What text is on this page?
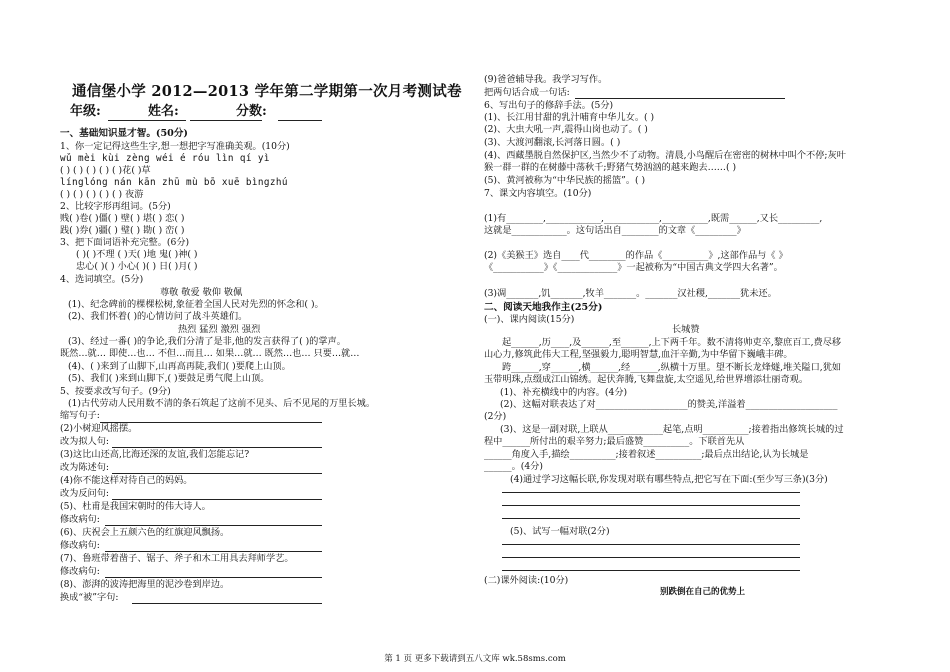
通信堡小学 2012—2013 学年第二学期第一次月考测试卷
年级:	姓名:	分数:
一、基础知识显才智。(50分)
1、你一定记得这些生字,想一想把字写准确美观。(10分)
wǔ mèi kùi zèng wéi é róu lìn qí yì
( ) ( ) ( ) ( ) ( )花( )草
línglóng nán kān zhū mù bō xuē bìngzhú
( ) ( ) ( ) ( ) ( ) 夜游
2、比较字形再组词。(5分)
贱( )卷( )僵( ) 壁( ) 堪( ) 恋( )
践( )券( )疆( ) 璧( ) 勘( ) 峦( )
3、把下面词语补充完整。(6分)
( )( )不理 ( )天( )地 鬼( )神( )
忠心( )( ) 小心( )( ) 日( )月( )
4、选词填空。(5分)
尊敬 敬爱 敬仰 敬佩
(1)、纪念碑前的棵棵松树,象征着全国人民对先烈的怀念和( )。
(2)、我们怀着( )的心情访问了战斗英雄们。
热烈 猛烈 激烈 强烈
(3)、经过一番( )的争论,我们分清了是非,他的发言获得了( )的掌声。
既然…就… 即使…也… 不但…而且… 如果…就… 既然…也… 只要…就…
(4)、( )来到了山脚下,山再高再陡,我们( )要爬上山顶。
(5)、我们( )来到山脚下,( )要鼓足勇气爬上山顶。
5、按要求改写句子。(9分)
(1)古代劳动人民用数不清的条石筑起了这前不见头、后不见尾的万里长城。
缩写句子:
(2)小树迎风摇摆。
改为拟人句:
(3)这比山还高,比海还深的友谊,我们怎能忘记?
改为陈述句:
(4)你不能这样对待自己的妈妈。
改为反问句:
(5)、杜甫是我国宋朝时的伟大诗人。
修改病句:
(6)、庆祝会上五颜六色的红旗迎风飘扬。
修改病句:
(7)、鲁班带着凿子、锯子、斧子和木工用具去拜师学艺。
修改病句:
(8)、澎湃的波涛把海里的泥沙卷到岸边。
换成“被”字句:
(9)爸爸辅导我。我学习写作。
把两句话合成一句话:
6、写出句子的修辞手法。(5分)
(1)、长江用甘甜的乳汁哺育中华儿女。( )
(2)、大虫大吼一声,震得山岗也动了。( )
(3)、大渡河翻滚,长河落日圆。( )
(4)、西藏墨脱自然保护区,当然少不了动物。清晨,小鸟醒后在密密的树林中叫个不停;灰叶
猴一群一群的在树藤中荡秋千;野猪气势汹汹的越来跑去……( )
(5)、黄河被称为“中华民族的摇篮”。( )
7、课文内容填空。(10分)
(1)有________,____________,____________,__________,既需______,又长_________,
这就是____________。这句话出自________的文章《_________》
(2)《美猴王》选自____代________的作品《__________》,这部作品与《 》
《___________》《_____________》一起被称为“中国古典文学四大名著”。
(3)凋_______,饥_______,牧羊_______。_______汉社稷,_______犹未还。
二、阅读天地我作主(25分)
(一)、课内阅读(15分)
长城赞
起______,历____,及______,至______,上下两千年。数不清将帅吏卒,黎庶百工,费尽移
山心力,修筑此伟大工程,坚强毅力,聪明智慧,血汗辛勤,为中华留下巍峨丰碑。
跨______,穿______,横______,经______,纵横十万里。望不断长龙烽燧,堆关隘口,犹如
玉带明珠,点缀成江山锦绣。起伏奔腾,飞舞盘旋,太空遥见,给世界增添壮丽奇观。
(1)、补充横线中的内容。(4分)
(2)、这幅对联表达了对____________________的赞美,洋溢着____________________
(2分)
(3)、这是一副对联,上联从____________起笔,点明__________;接着指出修筑长城的过
程中______所付出的艰辛努力;最后盛赞__________。下联首先从
______角度入手,描绘__________;接着叙述__________;最后点出结论,认为长城是
______。(4分)
(4)通过学习这幅长联,你发现对联有哪些特点,把它写在下面:(至少写三条)(3分)
(5)、试写一幅对联(2分)
(二)课外阅读:(10分)
别跌倒在自己的优势上
第 1 页 更多下载请到五八文库 wk.58sms.com
